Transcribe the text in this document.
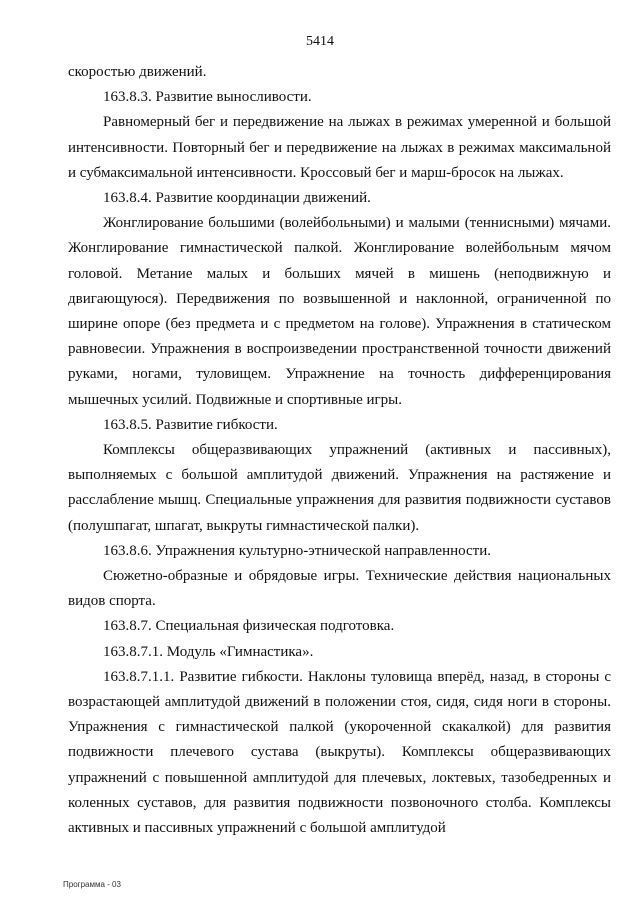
5414

скоростью движений.

163.8.3. Развитие выносливости.

Равномерный бег и передвижение на лыжах в режимах умеренной и большой интенсивности. Повторный бег и передвижение на лыжах в режимах максимальной и субмаксимальной интенсивности. Кроссовый бег и марш-бросок на лыжах.

163.8.4. Развитие координации движений.

Жонглирование большими (волейбольными) и малыми (теннисными) мячами. Жонглирование гимнастической палкой. Жонглирование волейбольным мячом головой. Метание малых и больших мячей в мишень (неподвижную и двигающуюся). Передвижения по возвышенной и наклонной, ограниченной по ширине опоре (без предмета и с предметом на голове). Упражнения в статическом равновесии. Упражнения в воспроизведении пространственной точности движений руками, ногами, туловищем. Упражнение на точность дифференцирования мышечных усилий. Подвижные и спортивные игры.

163.8.5. Развитие гибкости.

Комплексы общеразвивающих упражнений (активных и пассивных), выполняемых с большой амплитудой движений. Упражнения на растяжение и расслабление мышц. Специальные упражнения для развития подвижности суставов (полушпагат, шпагат, выкруты гимнастической палки).

163.8.6. Упражнения культурно-этнической направленности.

Сюжетно-образные и обрядовые игры. Технические действия национальных видов спорта.

163.8.7. Специальная физическая подготовка.

163.8.7.1. Модуль «Гимнастика».

163.8.7.1.1. Развитие гибкости. Наклоны туловища вперёд, назад, в стороны с возрастающей амплитудой движений в положении стоя, сидя, сидя ноги в стороны. Упражнения с гимнастической палкой (укороченной скакалкой) для развития подвижности плечевого сустава (выкруты). Комплексы общеразвивающих упражнений с повышенной амплитудой для плечевых, локтевых, тазобедренных и коленных суставов, для развития подвижности позвоночного столба. Комплексы активных и пассивных упражнений с большой амплитудой

Программа - 03
